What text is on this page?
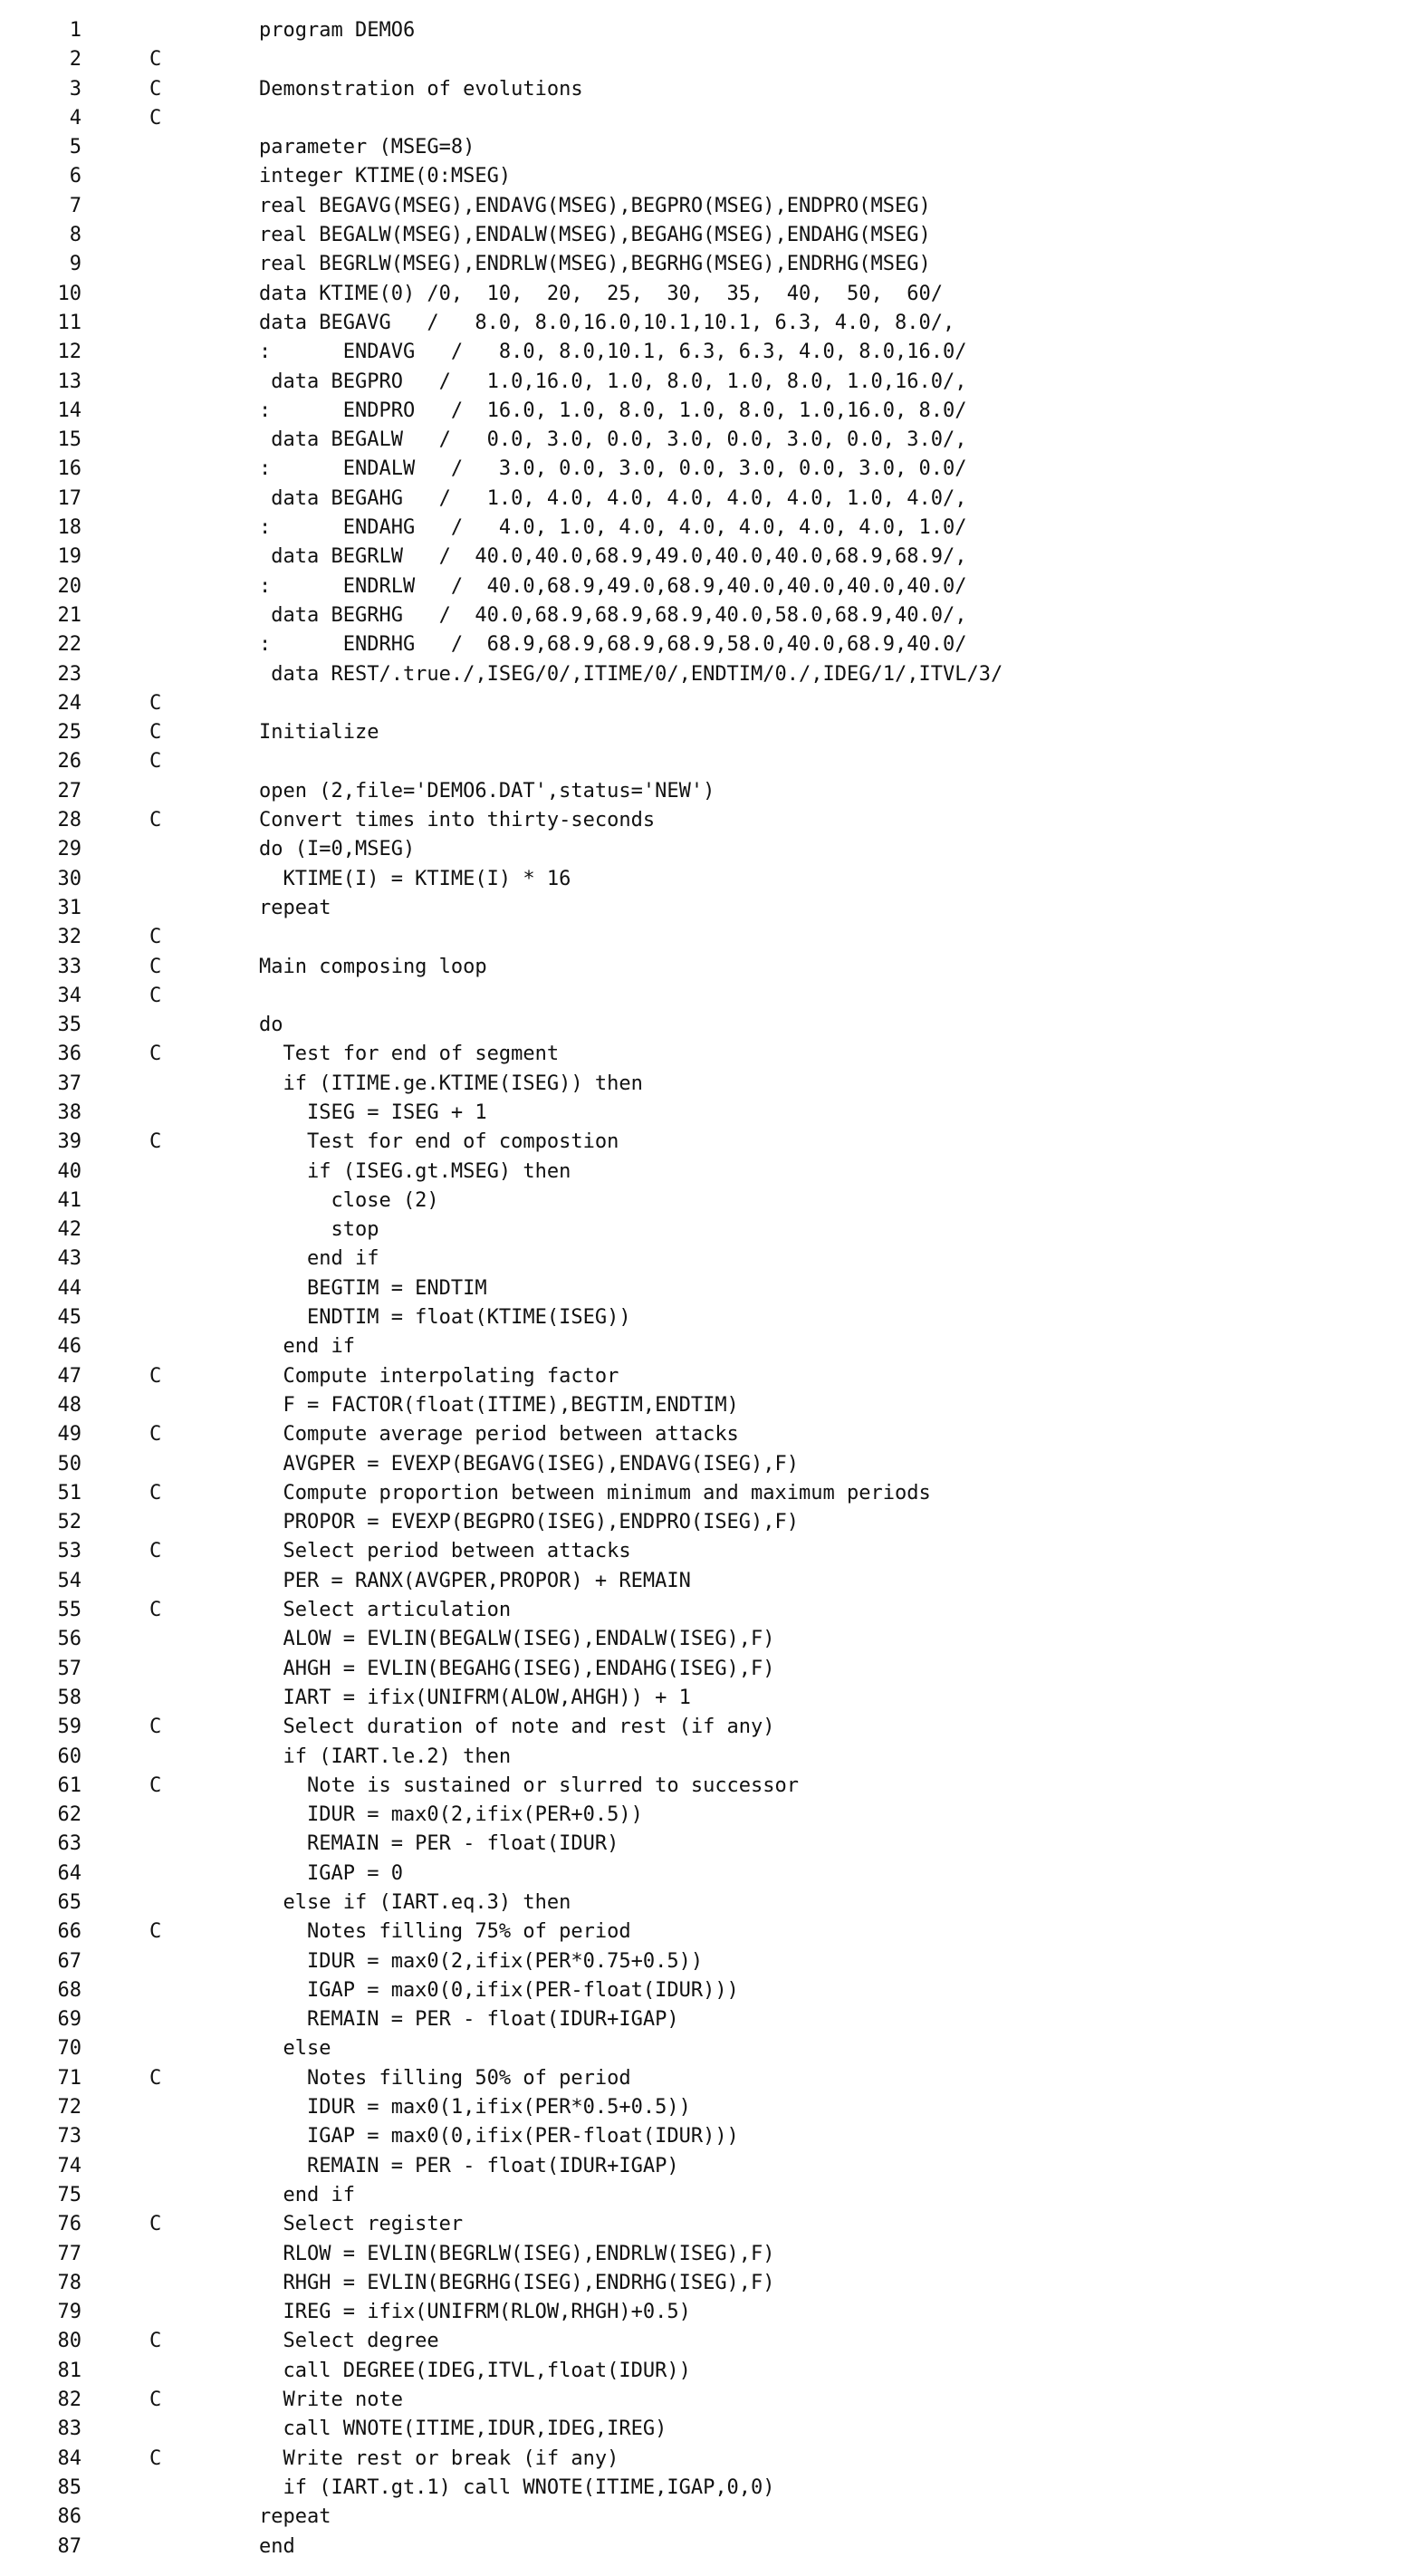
1	program DEMO6
2	C
3	C	Demonstration of evolutions
4	C
5	parameter (MSEG=8)
6	integer KTIME(0:MSEG)
7	real BEGAVG(MSEG),ENDAVG(MSEG),BEGPRO(MSEG),ENDPRO(MSEG)
8	real BEGALW(MSEG),ENDALW(MSEG),BEGAHG(MSEG),ENDAHG(MSEG)
9	real BEGRLW(MSEG),ENDRLW(MSEG),BEGRHG(MSEG),ENDRHG(MSEG)
10	data KTIME(0) /0,  10,  20,  25,  30,  35,  40,  50,  60/
11	data BEGAVG   /   8.0, 8.0,16.0,10.1,10.1, 6.3, 4.0, 8.0/,
12	:      ENDAVG   /   8.0, 8.0,10.1, 6.3, 6.3, 4.0, 8.0,16.0/
13	data BEGPRO   /   1.0,16.0, 1.0, 8.0, 1.0, 8.0, 1.0,16.0/,
14	:      ENDPRO   /  16.0, 1.0, 8.0, 1.0, 8.0, 1.0,16.0, 8.0/
15	data BEGALW   /   0.0, 3.0, 0.0, 3.0, 0.0, 3.0, 0.0, 3.0/,
16	:      ENDALW   /   3.0, 0.0, 3.0, 0.0, 3.0, 0.0, 3.0, 0.0/
17	data BEGAHG   /   1.0, 4.0, 4.0, 4.0, 4.0, 4.0, 1.0, 4.0/,
18	:      ENDAHG   /   4.0, 1.0, 4.0, 4.0, 4.0, 4.0, 4.0, 1.0/
19	data BEGRLW   /  40.0,40.0,68.9,49.0,40.0,40.0,68.9,68.9/,
20	:      ENDRLW   /  40.0,68.9,49.0,68.9,40.0,40.0,40.0,40.0/
21	data BEGRHG   /  40.0,68.9,68.9,68.9,40.0,58.0,68.9,40.0/,
22	:      ENDRHG   /  68.9,68.9,68.9,68.9,58.0,40.0,68.9,40.0/
23	data REST/.true./,ISEG/0/,ITIME/0/,ENDTIM/0./,IDEG/1/,ITVL/3/
24	C
25	C	Initialize
26	C
27	open (2,file='DEMO6.DAT',status='NEW')
28	C	Convert times into thirty-seconds
29	do (I=0,MSEG)
30	KTIME(I) = KTIME(I) * 16
31	repeat
32	C
33	C	Main composing loop
34	C
35	do
36	C	Test for end of segment
37	if (ITIME.ge.KTIME(ISEG)) then
38	ISEG = ISEG + 1
39	C	Test for end of compostion
40	if (ISEG.gt.MSEG) then
41	close (2)
42	stop
43	end if
44	BEGTIM = ENDTIM
45	ENDTIM = float(KTIME(ISEG))
46	end if
47	C	Compute interpolating factor
48	F = FACTOR(float(ITIME),BEGTIM,ENDTIM)
49	C	Compute average period between attacks
50	AVGPER = EVEXP(BEGAVG(ISEG),ENDAVG(ISEG),F)
51	C	Compute proportion between minimum and maximum periods
52	PROPOR = EVEXP(BEGPRO(ISEG),ENDPRO(ISEG),F)
53	C	Select period between attacks
54	PER = RANX(AVGPER,PROPOR) + REMAIN
55	C	Select articulation
56	ALOW = EVLIN(BEGALW(ISEG),ENDALW(ISEG),F)
57	AHGH = EVLIN(BEGAHG(ISEG),ENDAHG(ISEG),F)
58	IART = ifix(UNIFRM(ALOW,AHGH)) + 1
59	C	Select duration of note and rest (if any)
60	if (IART.le.2) then
61	C	Note is sustained or slurred to successor
62	IDUR = max0(2,ifix(PER+0.5))
63	REMAIN = PER - float(IDUR)
64	IGAP = 0
65	else if (IART.eq.3) then
66	C	Notes filling 75% of period
67	IDUR = max0(2,ifix(PER*0.75+0.5))
68	IGAP = max0(0,ifix(PER-float(IDUR)))
69	REMAIN = PER - float(IDUR+IGAP)
70	else
71	C	Notes filling 50% of period
72	IDUR = max0(1,ifix(PER*0.5+0.5))
73	IGAP = max0(0,ifix(PER-float(IDUR)))
74	REMAIN = PER - float(IDUR+IGAP)
75	end if
76	C	Select register
77	RLOW = EVLIN(BEGRLW(ISEG),ENDRLW(ISEG),F)
78	RHGH = EVLIN(BEGRHG(ISEG),ENDRHG(ISEG),F)
79	IREG = ifix(UNIFRM(RLOW,RHGH)+0.5)
80	C	Select degree
81	call DEGREE(IDEG,ITVL,float(IDUR))
82	C	Write note
83	call WNOTE(ITIME,IDUR,IDEG,IREG)
84	C	Write rest or break (if any)
85	if (IART.gt.1) call WNOTE(ITIME,IGAP,0,0)
86	repeat
87	end
